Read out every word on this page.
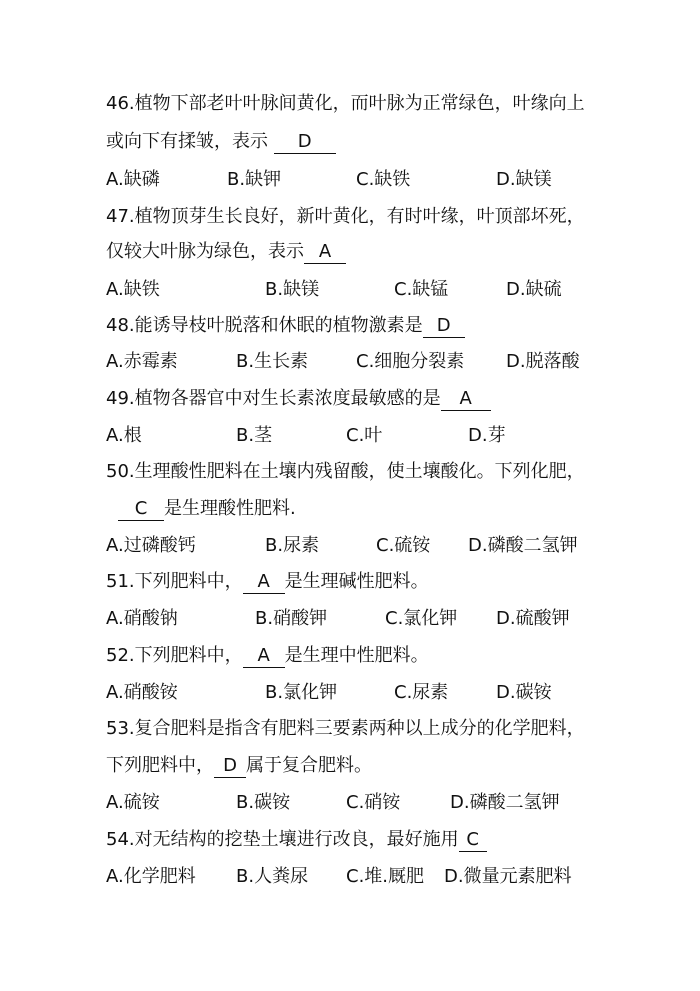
46.植物下部老叶叶脉间黄化，而叶脉为正常绿色，叶缘向上
或向下有揉皱，表示 D
A.缺磷	B.缺钾	C.缺铁	D.缺镁
47.植物顶芽生长良好，新叶黄化，有时叶缘，叶顶部坏死，
仅较大叶脉为绿色，表示 A
A.缺铁	B.缺镁	C.缺锰	D.缺硫
48.能诱导枝叶脱落和休眠的植物激素是 D
A.赤霉素	B.生长素	C.细胞分裂素 D.脱落酸
49.植物各器官中对生长素浓度最敏感的是 A
A.根	B.茎	C.叶	D.芽
50.生理酸性肥料在土壤内残留酸，使土壤酸化。下列化肥，
C 是生理酸性肥料.
A.过磷酸钙	B.尿素	C.硫铵 D.磷酸二氢钾
51.下列肥料中， A 是生理碱性肥料。
A.硝酸钠	B.硝酸钾	C.氯化钾 D.硫酸钾
52.下列肥料中， A 是生理中性肥料。
A.硝酸铵	B.氯化钾	C.尿素	D.碳铵
53.复合肥料是指含有肥料三要素两种以上成分的化学肥料，
下列肥料中， D 属于复合肥料。
A.硫铵	B.碳铵	C.硝铵	D.磷酸二氢钾
54.对无结构的挖垫土壤进行改良，最好施用 C
A.化学肥料 B.人粪尿 C.堆.厩肥 D.微量元素肥料
